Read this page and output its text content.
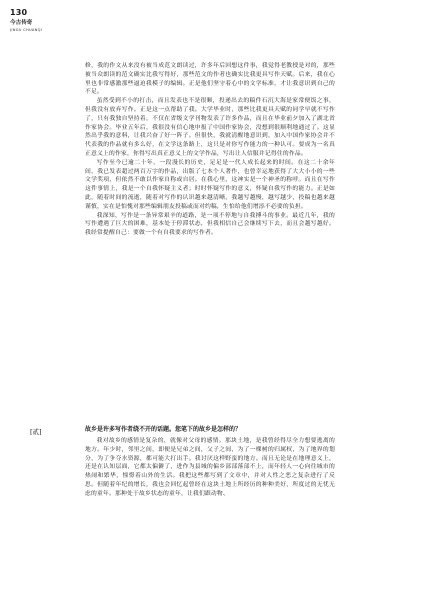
130
今古传奇
JINGU CHUANQI

修，我的作文从来没有被当成范文朗读过，许多年后回想这件事，我觉得老教授是对的，那些被当众朗读的范文确实比我写得好，那些范文的作者也确实比我更具写作天赋。后来，我在心里也非常感激那些逼迫我模子的编辑。正是他们坚守着心中的文学标准，才让我意识到自己的不足。

虽然受到不小的打击，而且发表也不是很顺，投递出去的稿件石沉大海是家常便饭之事，但我没有放弃写作。正是这一点帮助了我。大学毕业时，那些比我更具天赋的同学早就不写作了，只有我独自坚持着，不仅在省级文学刊物发表了许多作品，而且在毕业前夕加入了湖北省作家协会。毕业五年后，我很没有信心地申报了中国作家协会，没想到很顺利地通过了。这显然出乎我的意料，让我兴奋了好一阵子。但很快，我就清醒地意识到，加入中国作家协会并不代表我的作品就有多么好，在文学这条路上，这只是对你写作能力的一种认可。要成为一名真正意义上的作家，你得写出真正意义上的文学作品，写出让人信服并记得住的作品。

写作至今已逾二十年，一段漫长的历史，足足是一代人成长起来的时间。在这二十余年间，我已发表超过两百万字的作品，出版了七本个人著作，也曾幸运地获得了大大小小的一些文学奖项，但依然不敢以作家自称或自居。在我心里，这神实是一个神圣的称呼。而且在写作这件事情上，我是一个自我怀疑主义者；时时怀疑写作的意义，怀疑自我写作的能力。正是如此，随着时间的流逝，随着对写作的认识越来越清晰，我越写越慢，越写越少，投稿也越来越谨慎，实在是怕愧对那些编辑朋友投稿或而对约稿，生怕给他们增添不必要的负担。

我深知，写作是一条异常艰辛的道路，是一项不停地与自我搏斗的事业。最近几年，我的写作遭遇了巨大的困难，基本处于停滞状态，但我相信自己会继续写下去，而且会越写越好。我经常提醒自己：要做一个有自我要求的写作者。

[贰]	故乡是许多写作者绕不开的话题。您笔下的故乡是怎样的？

我对故乡的感情是复杂的，就像对父母的感情。那块土地，是我曾经得尽全力想要逃离的地方。年少时，邻里之间，即便是兄弟之间，父子之间，为了一棵树的归属权，为了地界的划分，为了争夺水资源，都可能大打出手。我讨厌这样野蛮的地方。而且无论是在地理意义上，还是在认知层面，它都太偏僻了，进作为县城的偏乡部部落部不上，而年轻人一心向往城市的热闹和繁华，憧憬着山外的生活。我把这些都写到了文章中，并对人性之恶之复杂进行了反思。但随着年纪的增长，我也会回忆起曾经在这块土地上所经历的种种美好，所度过的无忧无虑的童年。那种处于故乡状态的童年，让我们跟动物、
